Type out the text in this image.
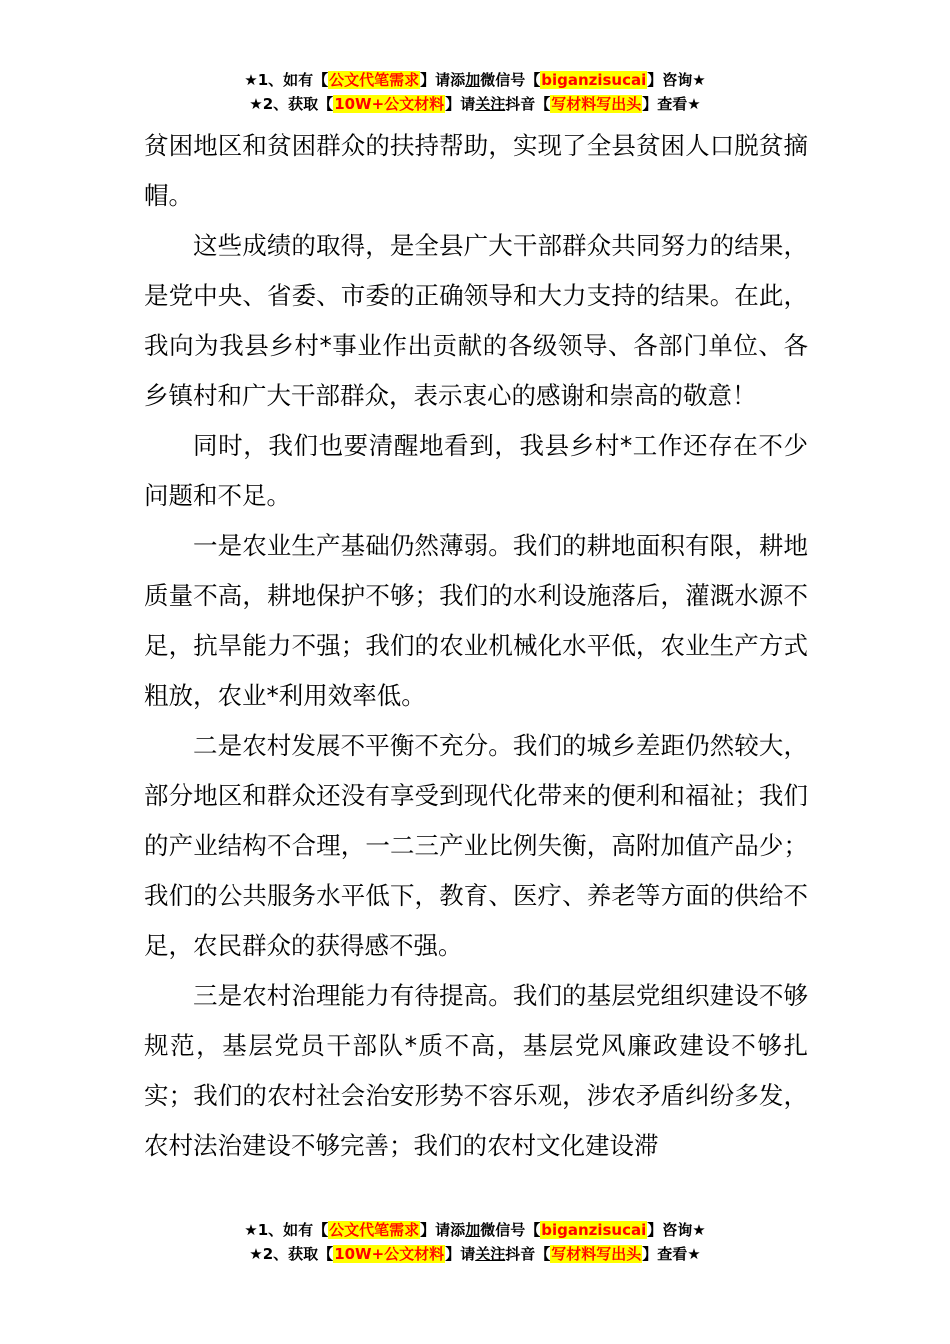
★1、如有【公文代笔需求】请添加微信号【biganzisucai】咨询★
★2、获取【10W+公文材料】请关注抖音【写材料写出头】查看★

贫困地区和贫困群众的扶持帮助，实现了全县贫困人口脱贫摘帽。

这些成绩的取得，是全县广大干部群众共同努力的结果，是党中央、省委、市委的正确领导和大力支持的结果。在此，我向为我县乡村*事业作出贡献的各级领导、各部门单位、各乡镇村和广大干部群众，表示衷心的感谢和崇高的敬意！

同时，我们也要清醒地看到，我县乡村*工作还存在不少问题和不足。

一是农业生产基础仍然薄弱。我们的耕地面积有限，耕地质量不高，耕地保护不够；我们的水利设施落后，灌溉水源不足，抗旱能力不强；我们的农业机械化水平低，农业生产方式粗放，农业*利用效率低。

二是农村发展不平衡不充分。我们的城乡差距仍然较大，部分地区和群众还没有享受到现代化带来的便利和福祉；我们的产业结构不合理，一二三产业比例失衡，高附加值产品少；我们的公共服务水平低下，教育、医疗、养老等方面的供给不足，农民群众的获得感不强。

三是农村治理能力有待提高。我们的基层党组织建设不够规范，基层党员干部队*质不高，基层党风廉政建设不够扎实；我们的农村社会治安形势不容乐观，涉农矛盾纠纷多发，农村法治建设不够完善；我们的农村文化建设滞

★1、如有【公文代笔需求】请添加微信号【biganzisucai】咨询★
★2、获取【10W+公文材料】请关注抖音【写材料写出头】查看★
